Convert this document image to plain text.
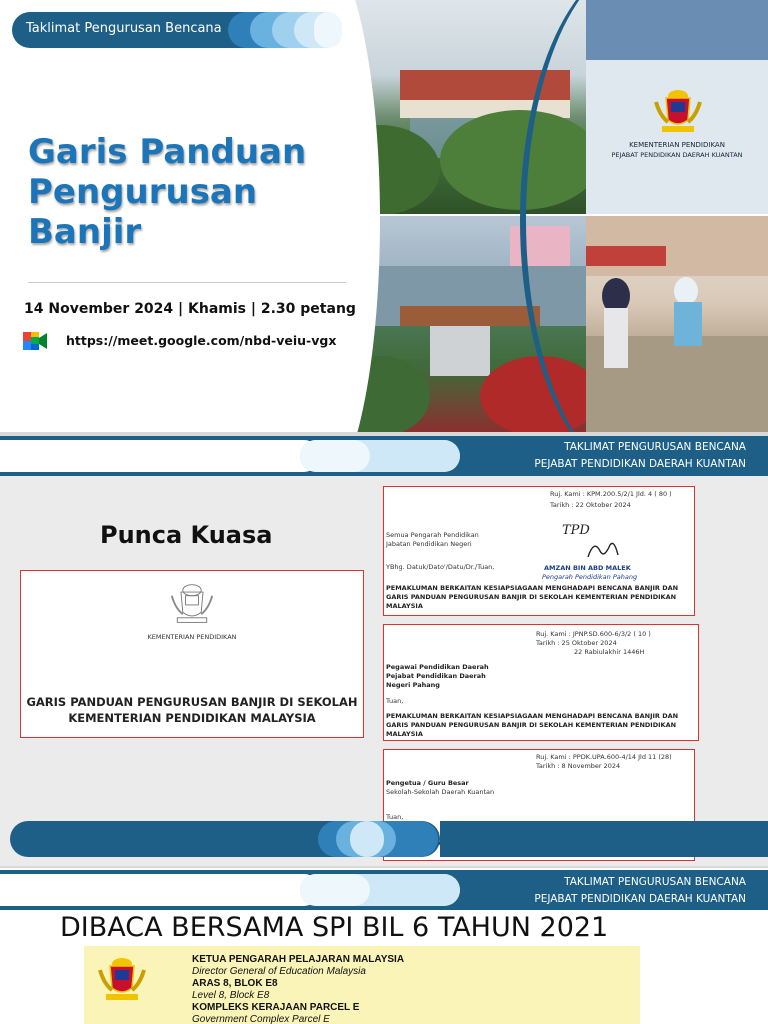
Taklimat Pengurusan Bencana
Garis Panduan
Pengurusan
Banjir
14 November 2024 | Khamis | 2.30 petang
https://meet.google.com/nbd-veiu-vgx
KEMENTERIAN PENDIDIKAN
PEJABAT PENDIDIKAN DAERAH KUANTAN
TAKLIMAT PENGURUSAN BENCANA
PEJABAT PENDIDIKAN DAERAH KUANTAN
Punca Kuasa
KEMENTERIAN PENDIDIKAN
GARIS PANDUAN PENGURUSAN BANJIR DI SEKOLAH
KEMENTERIAN PENDIDIKAN MALAYSIA
Ruj. Kami : KPM.200.5/2/1 Jld. 4 ( 80 )
Tarikh : 22 Oktober 2024
TPD
Semua Pengarah Pendidikan
Jabatan Pendidikan Negeri
YBhg. Datuk/Dato'/Datu/Dr./Tuan,	AMZAN BIN ABD MALEK
Pengarah Pendidikan Pahang
PEMAKLUMAN BERKAITAN KESIAPSIAGAAN MENGHADAPI BENCANA BANJIR DAN GARIS PANDUAN PENGURUSAN BANJIR DI SEKOLAH KEMENTERIAN PENDIDIKAN MALAYSIA
Ruj. Kami : JPNP.SD.600-6/3/2 ( 10 )
Tarikh : 25 Oktober 2024
22 Rabiulakhir 1446H
Pegawai Pendidikan Daerah
Pejabat Pendidikan Daerah
Negeri Pahang
Tuan,
PEMAKLUMAN BERKAITAN KESIAPSIAGAAN MENGHADAPI BENCANA BANJIR DAN GARIS PANDUAN PENGURUSAN BANJIR DI SEKOLAH KEMENTERIAN PENDIDIKAN MALAYSIA
Ruj. Kami : PPDK.UPA.600-4/14 Jld 11 (28)
Tarikh : 8 November 2024
Pengetua / Guru Besar
Sekolah-Sekolah Daerah Kuantan
Tuan,
TAKLIMAT PENGURUSAN BENCANA
PEJABAT PENDIDIKAN DAERAH KUANTAN
DIBACA BERSAMA SPI BIL 6 TAHUN 2021
KETUA PENGARAH PELAJARAN MALAYSIA
Director General of Education Malaysia
ARAS 8, BLOK E8
Level 8, Block E8
KOMPLEKS KERAJAAN PARCEL E
Government Complex Parcel E
